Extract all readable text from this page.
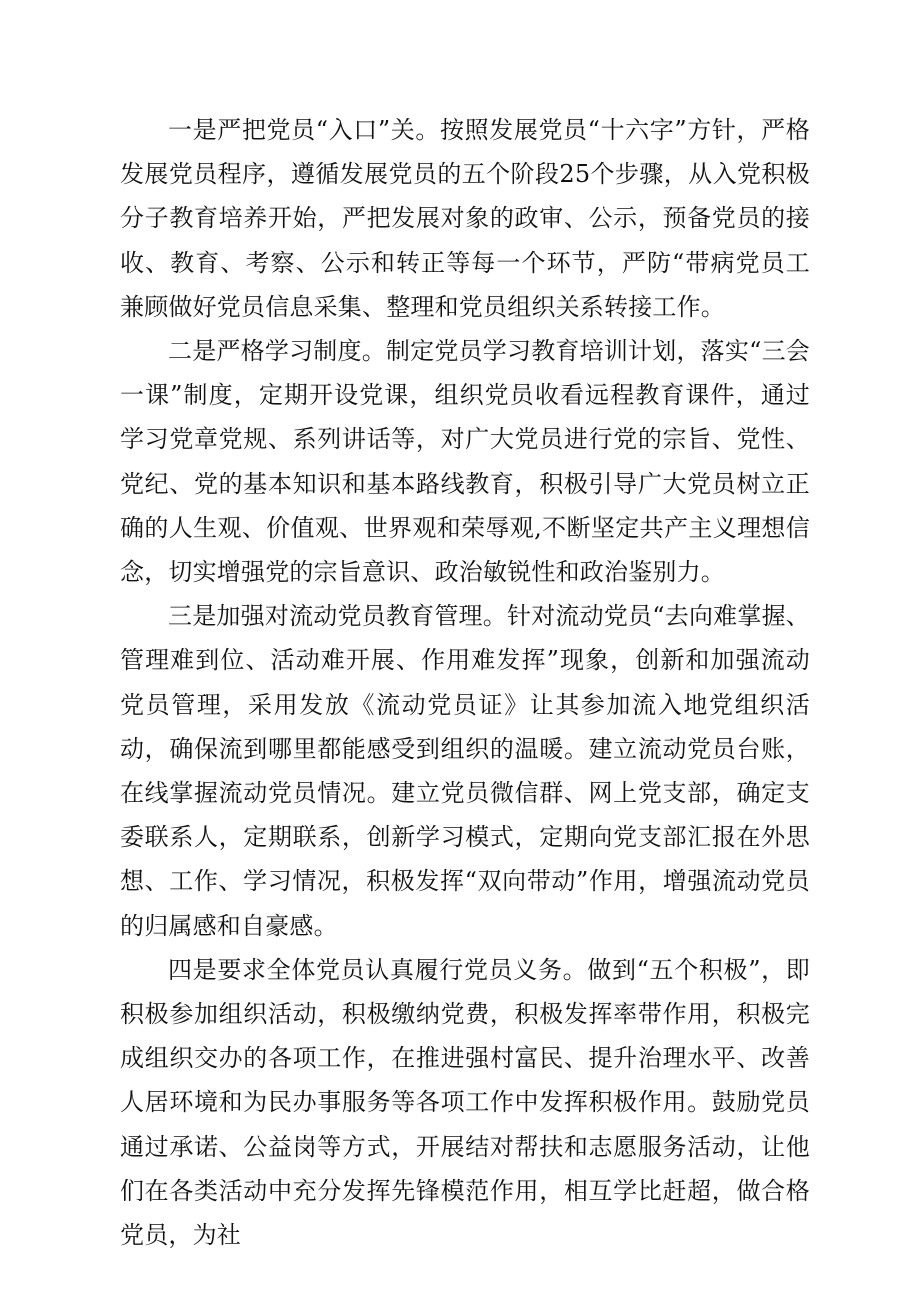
一是严把党员“入口”关。按照发展党员“十六字”方针，严格发展党员程序，遵循发展党员的五个阶段25个步骤，从入党积极分子教育培养开始，严把发展对象的政审、公示，预备党员的接收、教育、考察、公示和转正等每一个环节，严防“带病党员工兼顾做好党员信息采集、整理和党员组织关系转接工作。

二是严格学习制度。制定党员学习教育培训计划，落实“三会一课”制度，定期开设党课，组织党员收看远程教育课件，通过学习党章党规、系列讲话等，对广大党员进行党的宗旨、党性、党纪、党的基本知识和基本路线教育，积极引导广大党员树立正确的人生观、价值观、世界观和荣辱观,不断坚定共产主义理想信念，切实增强党的宗旨意识、政治敏锐性和政治鉴别力。

三是加强对流动党员教育管理。针对流动党员“去向难掌握、管理难到位、活动难开展、作用难发挥”现象，创新和加强流动党员管理，采用发放《流动党员证》让其参加流入地党组织活动，确保流到哪里都能感受到组织的温暖。建立流动党员台账，在线掌握流动党员情况。建立党员微信群、网上党支部，确定支委联系人，定期联系，创新学习模式，定期向党支部汇报在外思想、工作、学习情况，积极发挥“双向带动”作用，增强流动党员的归属感和自豪感。

四是要求全体党员认真履行党员义务。做到“五个积极”，即积极参加组织活动，积极缴纳党费，积极发挥率带作用，积极完成组织交办的各项工作，在推进强村富民、提升治理水平、改善人居环境和为民办事服务等各项工作中发挥积极作用。鼓励党员通过承诺、公益岗等方式，开展结对帮扶和志愿服务活动，让他们在各类活动中充分发挥先锋模范作用，相互学比赶超，做合格党员，为社
